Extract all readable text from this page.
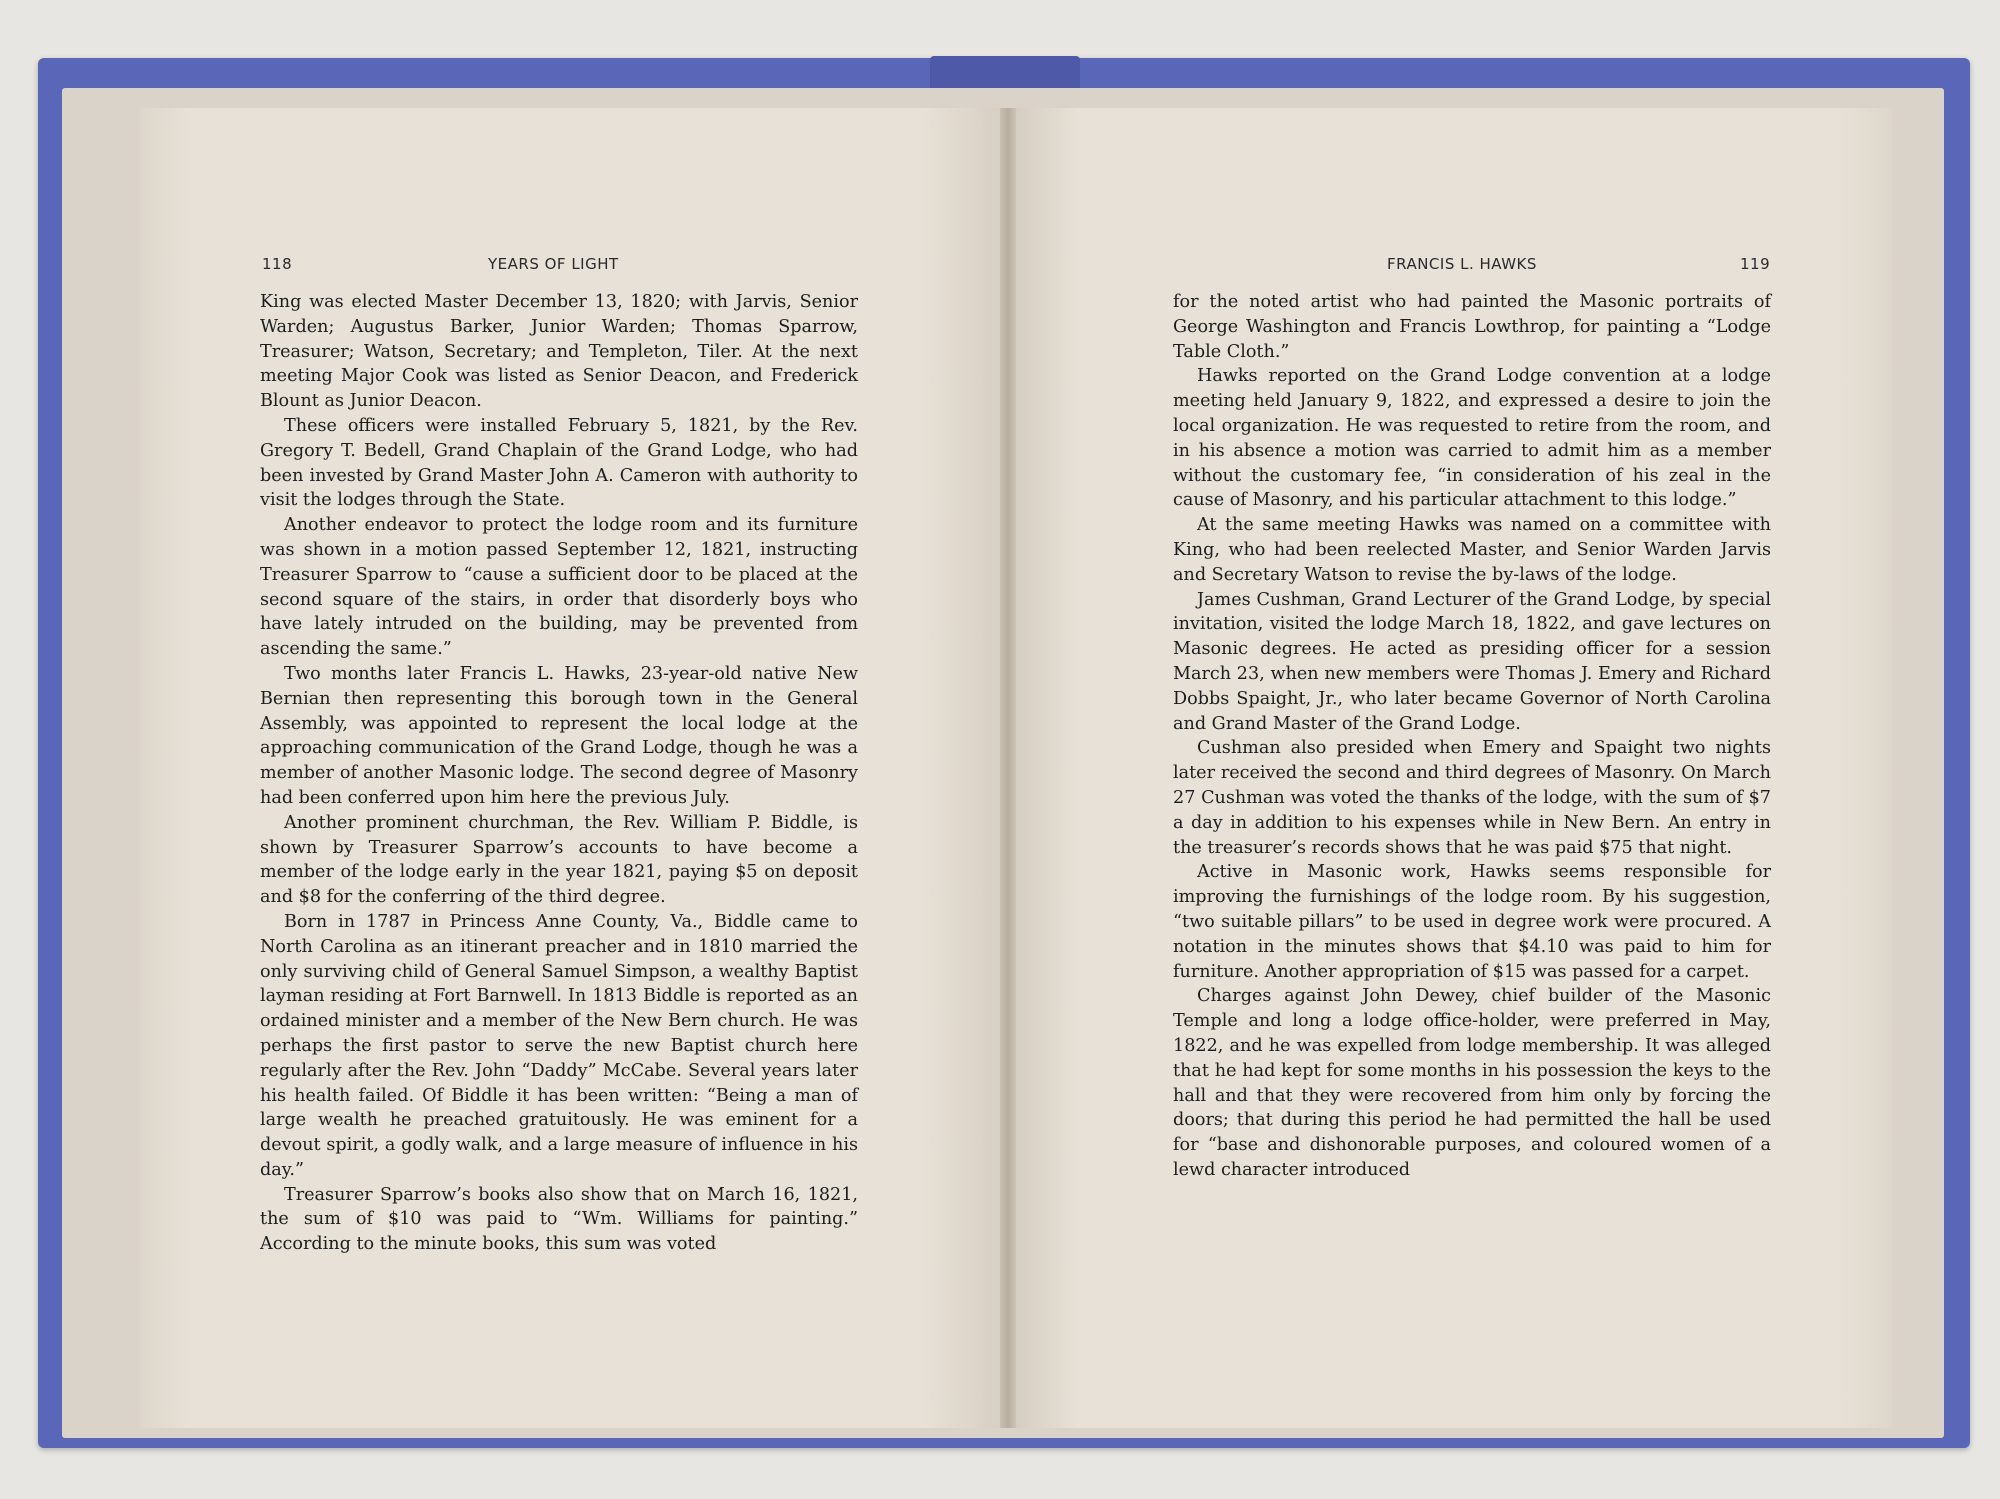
118	YEARS OF LIGHT	FRANCIS L. HAWKS	119

King was elected Master December 13, 1820; with Jarvis, Senior Warden; Augustus Barker, Junior Warden; Thomas Sparrow, Treasurer; Watson, Secretary; and Templeton, Tiler. At the next meeting Major Cook was listed as Senior Deacon, and Frederick Blount as Junior Deacon.

These officers were installed February 5, 1821, by the Rev. Gregory T. Bedell, Grand Chaplain of the Grand Lodge, who had been invested by Grand Master John A. Cameron with authority to visit the lodges through the State.

Another endeavor to protect the lodge room and its furniture was shown in a motion passed September 12, 1821, instructing Treasurer Sparrow to “cause a sufficient door to be placed at the second square of the stairs, in order that disorderly boys who have lately intruded on the building, may be prevented from ascending the same.”

Two months later Francis L. Hawks, 23-year-old native New Bernian then representing this borough town in the General Assembly, was appointed to represent the local lodge at the approaching communication of the Grand Lodge, though he was a member of another Masonic lodge. The second degree of Masonry had been conferred upon him here the previous July.

Another prominent churchman, the Rev. William P. Biddle, is shown by Treasurer Sparrow’s accounts to have become a member of the lodge early in the year 1821, paying $5 on deposit and $8 for the conferring of the third degree.

Born in 1787 in Princess Anne County, Va., Biddle came to North Carolina as an itinerant preacher and in 1810 married the only surviving child of General Samuel Simpson, a wealthy Baptist layman residing at Fort Barnwell. In 1813 Biddle is reported as an ordained minister and a member of the New Bern church. He was perhaps the first pastor to serve the new Baptist church here regularly after the Rev. John “Daddy” McCabe. Several years later his health failed. Of Biddle it has been written: “Being a man of large wealth he preached gratuitously. He was eminent for a devout spirit, a godly walk, and a large measure of influence in his day.”

Treasurer Sparrow’s books also show that on March 16, 1821, the sum of $10 was paid to “Wm. Williams for painting.” According to the minute books, this sum was voted

for the noted artist who had painted the Masonic portraits of George Washington and Francis Lowthrop, for painting a “Lodge Table Cloth.”

Hawks reported on the Grand Lodge convention at a lodge meeting held January 9, 1822, and expressed a desire to join the local organization. He was requested to retire from the room, and in his absence a motion was carried to admit him as a member without the customary fee, “in consideration of his zeal in the cause of Masonry, and his particular attachment to this lodge.”

At the same meeting Hawks was named on a committee with King, who had been reelected Master, and Senior Warden Jarvis and Secretary Watson to revise the by-laws of the lodge.

James Cushman, Grand Lecturer of the Grand Lodge, by special invitation, visited the lodge March 18, 1822, and gave lectures on Masonic degrees. He acted as presiding officer for a session March 23, when new members were Thomas J. Emery and Richard Dobbs Spaight, Jr., who later became Governor of North Carolina and Grand Master of the Grand Lodge.

Cushman also presided when Emery and Spaight two nights later received the second and third degrees of Masonry. On March 27 Cushman was voted the thanks of the lodge, with the sum of $7 a day in addition to his expenses while in New Bern. An entry in the treasurer’s records shows that he was paid $75 that night.

Active in Masonic work, Hawks seems responsible for improving the furnishings of the lodge room. By his suggestion, “two suitable pillars” to be used in degree work were procured. A notation in the minutes shows that $4.10 was paid to him for furniture. Another appropriation of $15 was passed for a carpet.

Charges against John Dewey, chief builder of the Masonic Temple and long a lodge office-holder, were preferred in May, 1822, and he was expelled from lodge membership. It was alleged that he had kept for some months in his possession the keys to the hall and that they were recovered from him only by forcing the doors; that during this period he had permitted the hall be used for “base and dishonorable purposes, and coloured women of a lewd character introduced
